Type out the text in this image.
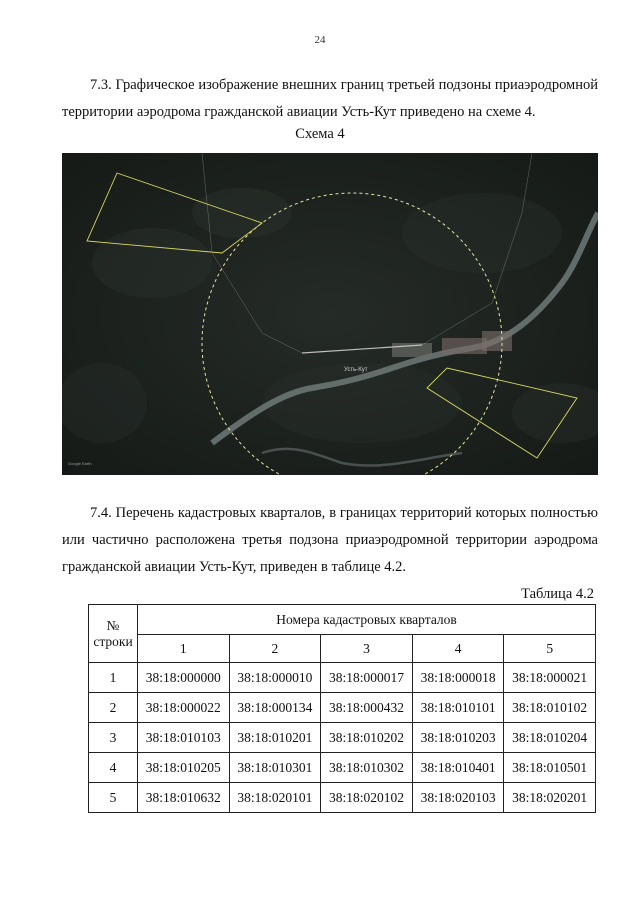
24
7.3. Графическое изображение внешних границ третьей подзоны приаэродромной территории аэродрома гражданской авиации Усть-Кут приведено на схеме 4.
Схема 4
Усть-Кут
Google Earth
7.4. Перечень кадастровых кварталов, в границах территорий которых полностью или частично расположена третья подзона приаэродромной территории аэродрома гражданской авиации Усть-Кут, приведен в таблице 4.2.
Таблица 4.2
№ строки	Номера кадастровых кварталов				
	1	2	3	4	5
1	38:18:000000	38:18:000010	38:18:000017	38:18:000018	38:18:000021
2	38:18:000022	38:18:000134	38:18:000432	38:18:010101	38:18:010102
3	38:18:010103	38:18:010201	38:18:010202	38:18:010203	38:18:010204
4	38:18:010205	38:18:010301	38:18:010302	38:18:010401	38:18:010501
5	38:18:010632	38:18:020101	38:18:020102	38:18:020103	38:18:020201
